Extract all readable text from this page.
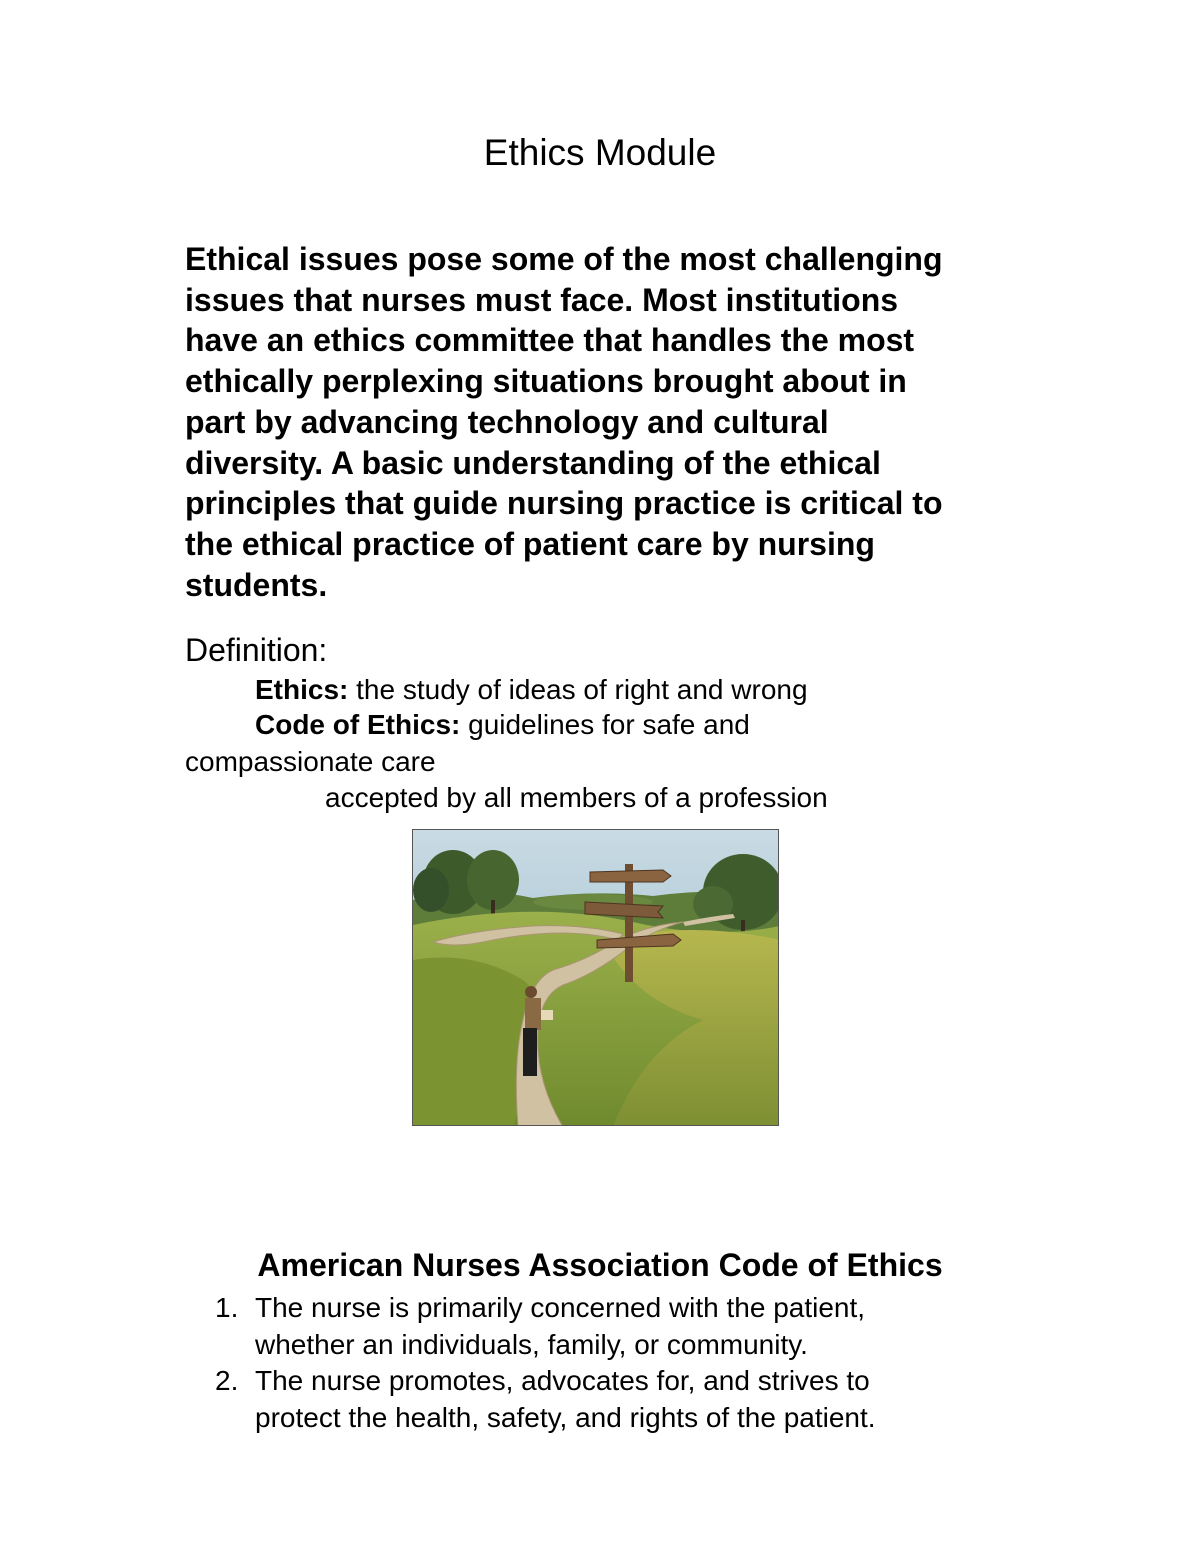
Ethics Module
Ethical issues pose some of the most challenging
issues that nurses must face. Most institutions
have an ethics committee that handles the most
ethically perplexing situations brought about in
part by advancing technology and cultural
diversity. A basic understanding of the ethical
principles that guide nursing practice is critical to
the ethical practice of patient care by nursing
students.
Definition:

Ethics: the study of ideas of right and wrong

Code of Ethics: guidelines for safe and

compassionate care

accepted by all members of a profession

American Nurses Association Code of Ethics
1. The nurse is primarily concerned with the patient,
whether an individuals, family, or community.
2. The nurse promotes, advocates for, and strives to
protect the health, safety, and rights of the patient.
